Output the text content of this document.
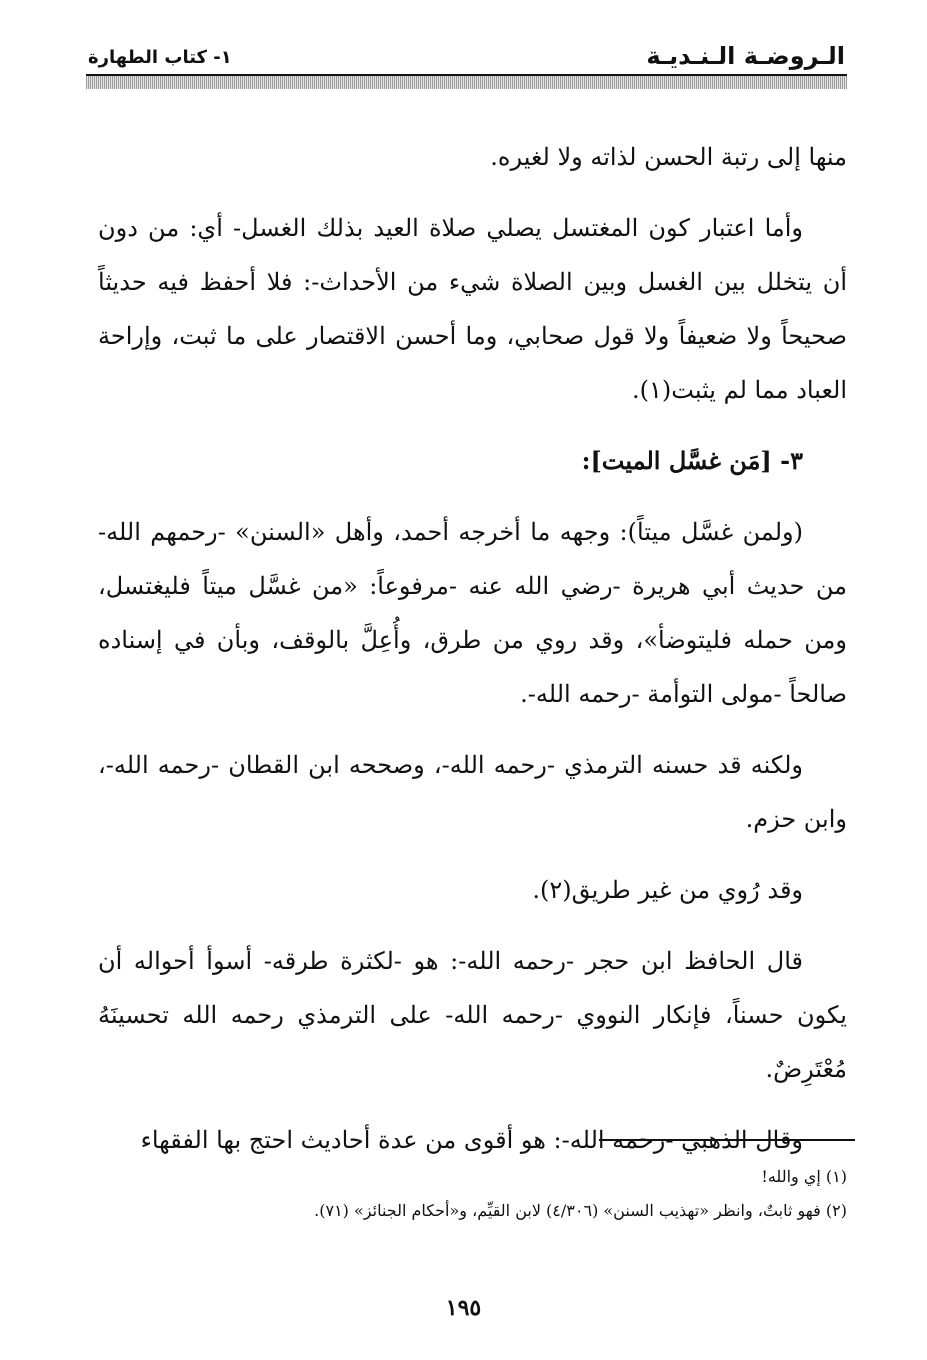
الـروضـة الـنـديـة
١- كتاب الطهارة

منها إلى رتبة الحسن لذاته ولا لغيره.

وأما اعتبار كون المغتسل يصلي صلاة العيد بذلك الغسل- أي: من دون أن يتخلل بين الغسل وبين الصلاة شيء من الأحداث-: فلا أحفظ فيه حديثاً صحيحاً ولا ضعيفاً ولا قول صحابي، وما أحسن الاقتصار على ما ثبت، وإراحة العباد مما لم يثبت(١).

٣- [مَن غسَّل الميت]:

(ولمن غسَّل ميتاً): وجهه ما أخرجه أحمد، وأهل «السنن» -رحمهم الله- من حديث أبي هريرة -رضي الله عنه -مرفوعاً: «من غسَّل ميتاً فليغتسل، ومن حمله فليتوضأ»، وقد روي من طرق، وأُعِلَّ بالوقف، وبأن في إسناده صالحاً -مولى التوأمة -رحمه الله-.

ولكنه قد حسنه الترمذي -رحمه الله-، وصححه ابن القطان -رحمه الله-، وابن حزم.

وقد رُوي من غير طريق(٢).

قال الحافظ ابن حجر -رحمه الله-: هو -لكثرة طرقه- أسوأ أحواله أن يكون حسناً، فإنكار النووي -رحمه الله- على الترمذي رحمه الله تحسينَهُ مُعْتَرِضٌ.

وقال الذهبي -رحمه الله-: هو أقوى من عدة أحاديث احتج بها الفقهاء

(١) إي والله!

(٢) فهو ثابتٌ، وانظر «تهذيب السنن» (٤/٣٠٦) لابن القيِّم، و«أحكام الجنائز» (٧١).

١٩٥
